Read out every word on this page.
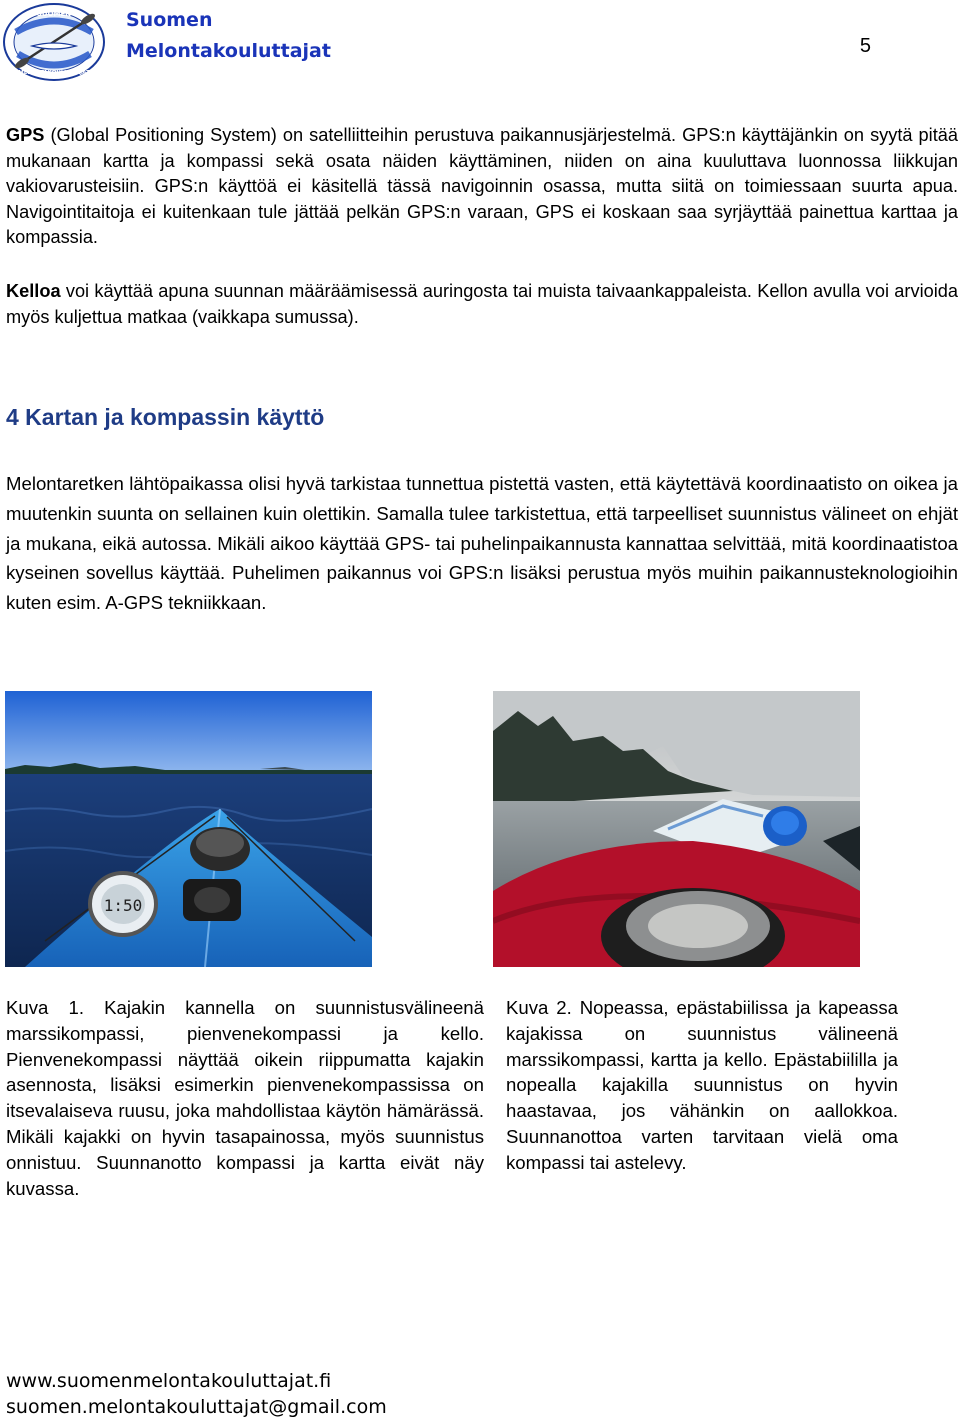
SUOMEN
MELONTAKOULUTTAJAT
Suomen
Melontakouluttajat	5

GPS (Global Positioning System) on satelliitteihin perustuva paikannusjärjestelmä. GPS:n käyttäjänkin on syytä pitää mukanaan kartta ja kompassi sekä osata näiden käyttäminen, niiden on aina kuuluttava luonnossa liikkujan vakiovarusteisiin. GPS:n käyttöä ei käsitellä tässä navigoinnin osassa, mutta siitä on toimiessaan suurta apua. Navigointitaitoja ei kuitenkaan tule jättää pelkän GPS:n varaan, GPS ei koskaan saa syrjäyttää painettua karttaa ja kompassia.

Kelloa voi käyttää apuna suunnan määräämisessä auringosta tai muista taivaankappaleista. Kellon avulla voi arvioida myös kuljettua matkaa (vaikkapa sumussa).

4 Kartan ja kompassin käyttö

Melontaretken lähtöpaikassa olisi hyvä tarkistaa tunnettua pistettä vasten, että käytettävä koordinaatisto on oikea ja muutenkin suunta on sellainen kuin olettikin. Samalla tulee tarkistettua, että tarpeelliset suunnistus välineet on ehjät ja mukana, eikä autossa. Mikäli aikoo käyttää GPS- tai puhelinpaikannusta kannattaa selvittää, mitä koordinaatistoa kyseinen sovellus käyttää. Puhelimen paikannus voi GPS:n lisäksi perustua myös muihin paikannusteknologioihin kuten esim. A-GPS tekniikkaan.

1:50

Kuva 1. Kajakin kannella on suunnistusvälineenä marssikompassi, pienvenekompassi ja kello. Pienvenekompassi näyttää oikein riippumatta kajakin asennosta, lisäksi esimerkin pienvenekompassissa on itsevalaiseva ruusu, joka mahdollistaa käytön hämärässä. Mikäli kajakki on hyvin tasapainossa, myös suunnistus onnistuu. Suunnanotto kompassi ja kartta eivät näy kuvassa.

Kuva 2. Nopeassa, epästabiilissa ja kapeassa kajakissa on suunnistus välineenä marssikompassi, kartta ja kello. Epästabiililla ja nopealla kajakilla suunnistus on hyvin haastavaa, jos vähänkin on aallokkoa. Suunnanottoa varten tarvitaan vielä oma kompassi tai astelevy.

www.suomenmelontakouluttajat.fi
suomen.melontakouluttajat@gmail.com
